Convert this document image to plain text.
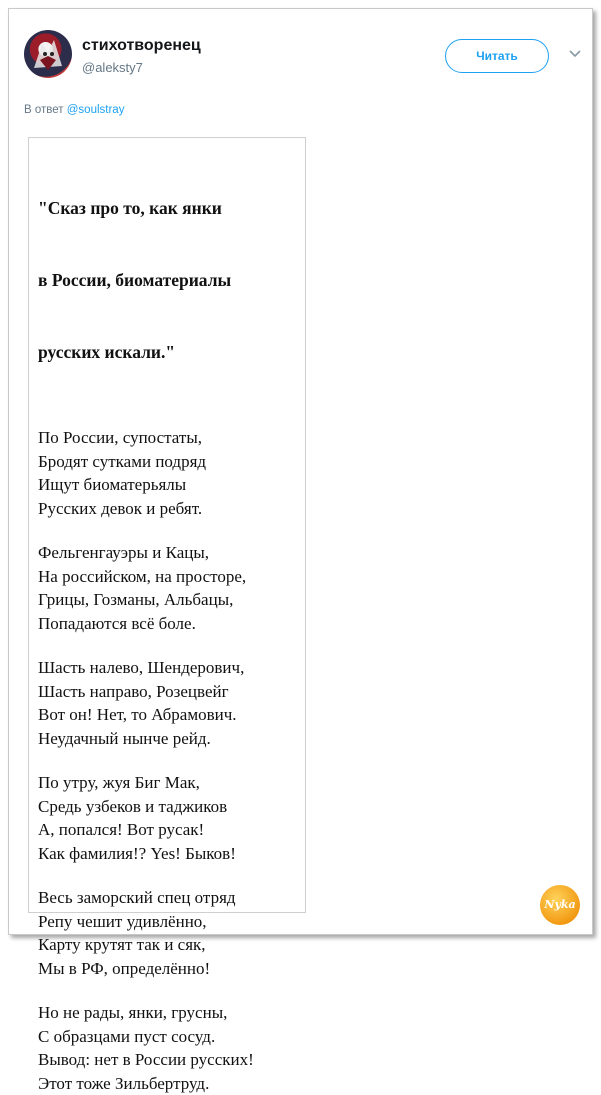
стихотворенец
@aleksty7
Читать
В ответ @soulstray

"Сказ про то, как янки

в России, биоматериалы

русских искали."

По России, супостаты,
Бродят сутками подряд
Ищут биоматерьялы
Русских девок и ребят.
Фельгенгауэры и Кацы,
На российском, на просторе,
Грицы, Гозманы, Альбацы,
Попадаются всё боле.
Шасть налево, Шендерович,
Шасть направо, Розецвейг
Вот он! Нет, то Абрамович.
Неудачный нынче рейд.
По утру, жуя Биг Мак,
Средь узбеков и таджиков
А, попался! Вот русак!
Как фамилия!? Yes! Быков!
Весь заморский спец отряд
Репу чешит удивлённо,
Карту крутят так и сяк,
Мы в РФ, определённо!
Но не рады, янки, грусны,
С образцами пуст сосуд.
Вывод: нет в России русских!
Этот тоже Зильбертруд.
Nyka
